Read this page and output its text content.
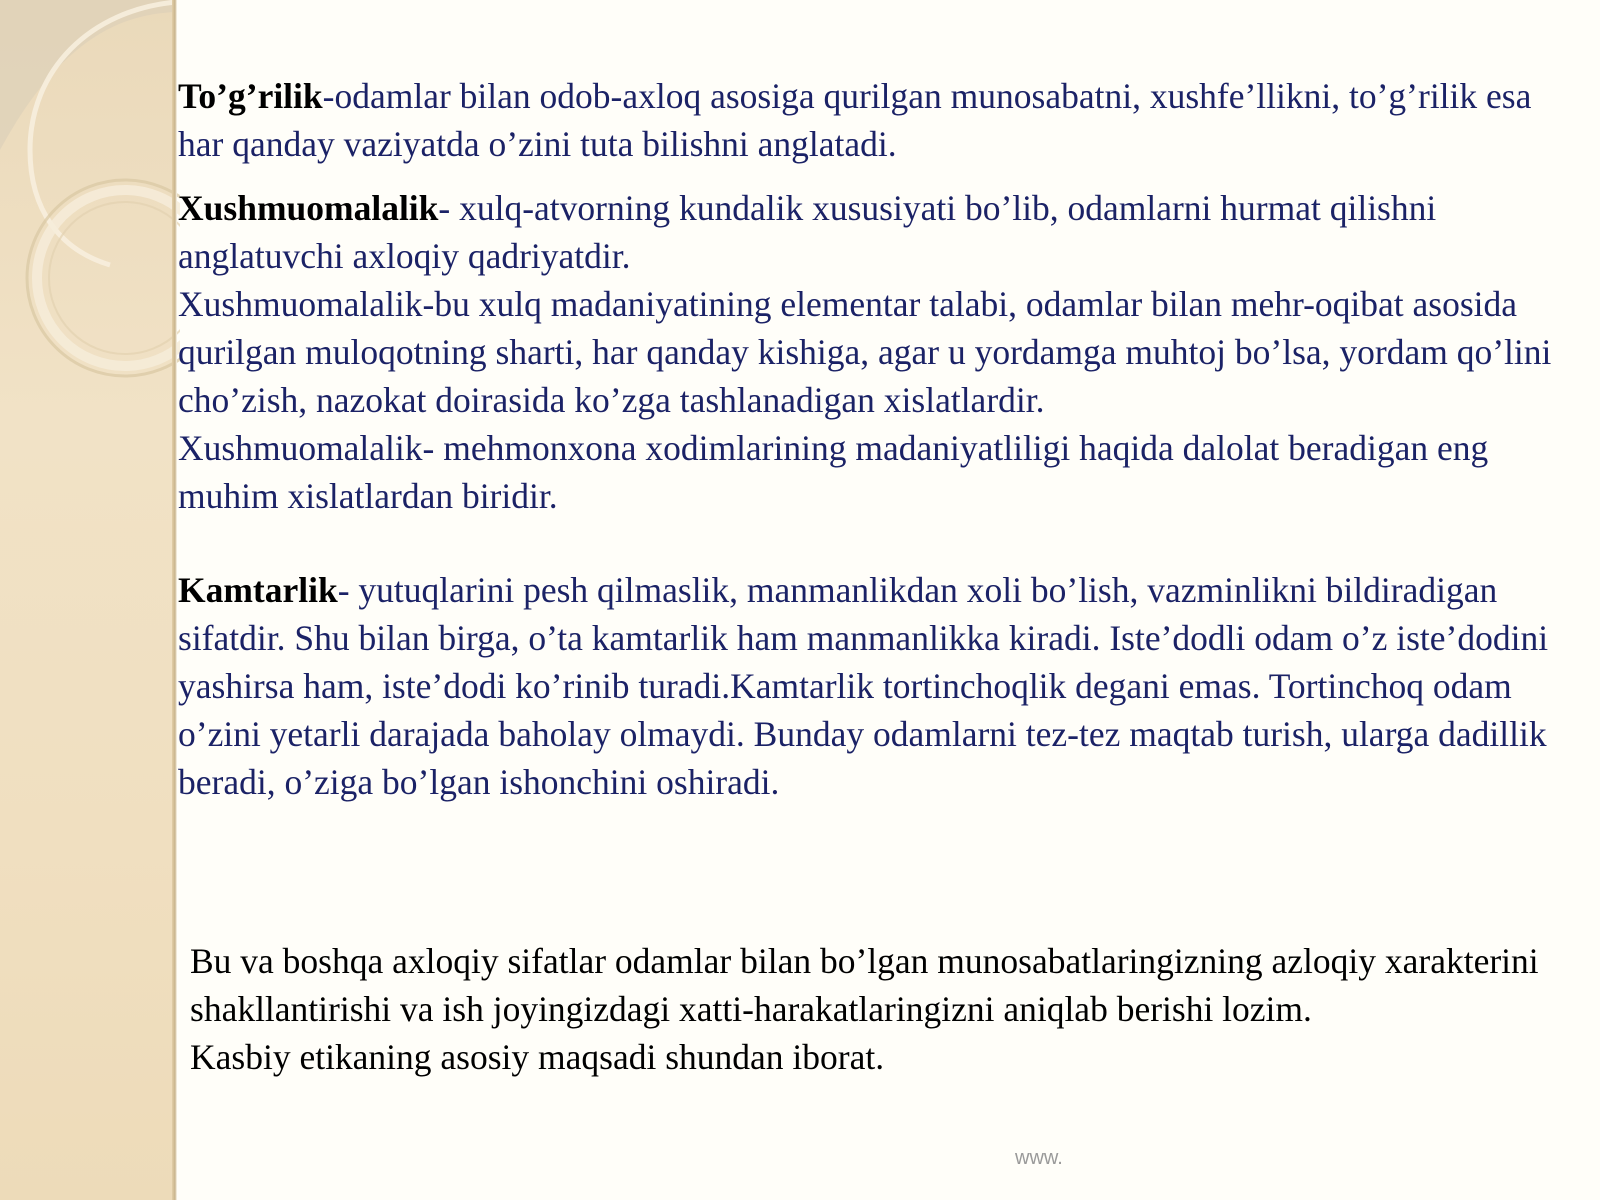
To’g’rilik-odamlar bilan odob-axloq asosiga qurilgan munosabatni, xushfe’llikni, to’g’rilik esa har qanday vaziyatda o’zini tuta bilishni anglatadi.

Xushmuomalalik- xulq-atvorning kundalik xususiyati bo’lib, odamlarni hurmat qilishni anglatuvchi axloqiy qadriyatdir.

Xushmuomalalik-bu xulq madaniyatining elementar talabi, odamlar bilan mehr-oqibat asosida qurilgan muloqotning sharti, har qanday kishiga, agar u yordamga muhtoj bo’lsa, yordam qo’lini cho’zish, nazokat doirasida ko’zga tashlanadigan xislatlardir.

Xushmuomalalik- mehmonxona xodimlarining madaniyatliligi haqida dalolat beradigan eng muhim xislatlardan biridir.

Kamtarlik- yutuqlarini pesh qilmaslik, manmanlikdan xoli bo’lish, vazminlikni bildiradigan sifatdir. Shu bilan birga, o’ta kamtarlik ham manmanlikka kiradi. Iste’dodli odam o’z iste’dodini yashirsa ham, iste’dodi ko’rinib turadi.Kamtarlik tortinchoqlik degani emas. Tortinchoq odam o’zini yetarli darajada baholay olmaydi. Bunday odamlarni tez-tez maqtab turish, ularga dadillik beradi, o’ziga bo’lgan ishonchini oshiradi.

Bu va boshqa axloqiy sifatlar odamlar bilan bo’lgan munosabatlaringizning azloqiy xarakterini shakllantirishi va ish joyingizdagi xatti-harakatlaringizni aniqlab berishi lozim.

Kasbiy etikaning asosiy maqsadi shundan iborat.

www.
